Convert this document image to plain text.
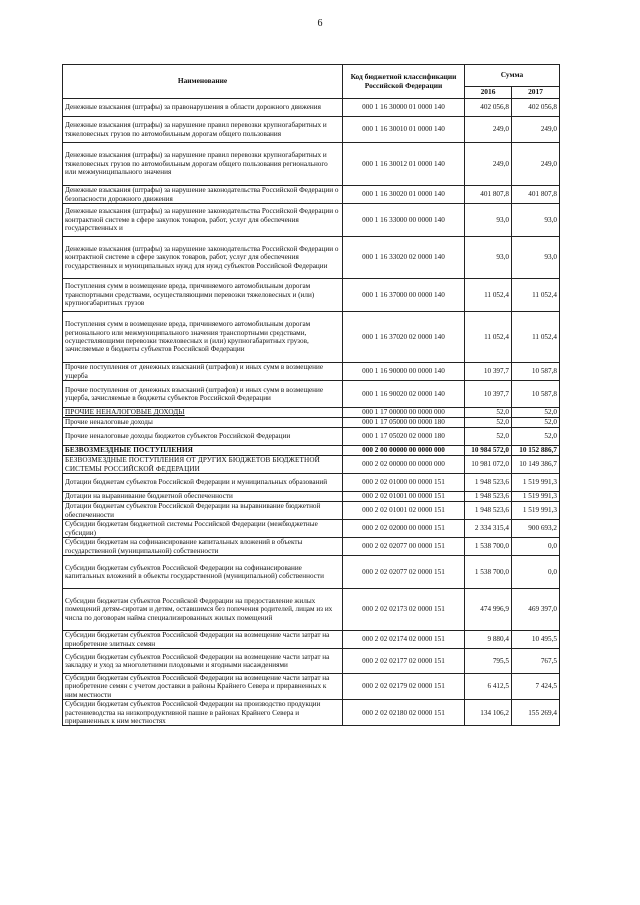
6
Наименование	Код бюджетной классификации Российской Федерации	Сумма	
		2016	2017
Денежные взыскания (штрафы) за правонарушения в области дорожного движения	000 1 16 30000 01 0000 140	402 056,8	402 056,8
Денежные взыскания (штрафы) за нарушение правил перевозки крупногабаритных и тяжеловесных грузов по автомобильным дорогам общего пользования	000 1 16 30010 01 0000 140	249,0	249,0
Денежные взыскания (штрафы) за нарушение правил перевозки крупногабаритных и тяжеловесных грузов по автомобильным дорогам общего пользования регионального или межмуниципального значения	000 1 16 30012 01 0000 140	249,0	249,0
Денежные взыскания (штрафы) за нарушение законодательства Российской Федерации о безопасности дорожного движения	000 1 16 30020 01 0000 140	401 807,8	401 807,8
Денежные взыскания (штрафы) за нарушение законодательства Российской Федерации о контрактной системе в сфере закупок товаров, работ, услуг для обеспечения государственных и	000 1 16 33000 00 0000 140	93,0	93,0
Денежные взыскания (штрафы) за нарушение законодательства Российской Федерации о контрактной системе в сфере закупок товаров, работ, услуг для обеспечения государственных и муниципальных нужд для нужд субъектов Российской Федерации	000 1 16 33020 02 0000 140	93,0	93,0
Поступления сумм в возмещение вреда, причиняемого автомобильным дорогам транспортными средствами, осуществляющими перевозки тяжеловесных и (или) крупногабаритных грузов	000 1 16 37000 00 0000 140	11 052,4	11 052,4
Поступления сумм в возмещение вреда, причиняемого автомобильным дорогам регионального или межмуниципального значения транспортными средствами, осуществляющими перевозки тяжеловесных и (или) крупногабаритных грузов, зачисляемые в бюджеты субъектов Российской Федерации	000 1 16 37020 02 0000 140	11 052,4	11 052,4
Прочие поступления от денежных взысканий (штрафов) и иных сумм в возмещение ущерба	000 1 16 90000 00 0000 140	10 397,7	10 587,8
Прочие поступления от денежных взысканий (штрафов) и иных сумм в возмещение ущерба, зачисляемые в бюджеты субъектов Российской Федерации	000 1 16 90020 02 0000 140	10 397,7	10 587,8
ПРОЧИЕ НЕНАЛОГОВЫЕ ДОХОДЫ	000 1 17 00000 00 0000 000	52,0	52,0
Прочие неналоговые доходы	000 1 17 05000 00 0000 180	52,0	52,0
Прочие неналоговые доходы бюджетов субъектов Российской Федерации	000 1 17 05020 02 0000 180	52,0	52,0
БЕЗВОЗМЕЗДНЫЕ ПОСТУПЛЕНИЯ	000 2 00 00000 00 0000 000	10 984 572,0	10 152 886,7
БЕЗВОЗМЕЗДНЫЕ ПОСТУПЛЕНИЯ ОТ ДРУГИХ БЮДЖЕТОВ БЮДЖЕТНОЙ СИСТЕМЫ РОССИЙСКОЙ ФЕДЕРАЦИИ	000 2 02 00000 00 0000 000	10 981 072,0	10 149 386,7
Дотации бюджетам субъектов Российской Федерации и муниципальных образований	000 2 02 01000 00 0000 151	1 948 523,6	1 519 991,3
Дотации на выравнивание бюджетной обеспеченности	000 2 02 01001 00 0000 151	1 948 523,6	1 519 991,3
Дотации бюджетам субъектов Российской Федерации на выравнивание бюджетной обеспеченности	000 2 02 01001 02 0000 151	1 948 523,6	1 519 991,3
Субсидии бюджетам бюджетной системы Российской Федерации (межбюджетные субсидии)	000 2 02 02000 00 0000 151	2 334 315,4	900 693,2
Субсидии бюджетам на софинансирование капитальных вложений в объекты государственной (муниципальной) собственности	000 2 02 02077 00 0000 151	1 538 700,0	0,0
Субсидии бюджетам субъектов Российской Федерации на софинансирование капитальных вложений в объекты государственной (муниципальной) собственности	000 2 02 02077 02 0000 151	1 538 700,0	0,0
Субсидии бюджетам субъектов Российской Федерации на предоставление жилых помещений детям-сиротам и детям, оставшимся без попечения родителей, лицам из их числа по договорам найма специализированных жилых помещений	000 2 02 02173 02 0000 151	474 996,9	469 397,0
Субсидии бюджетам субъектов Российской Федерации на возмещение части затрат на приобретение элитных семян	000 2 02 02174 02 0000 151	9 880,4	10 495,5
Субсидии бюджетам субъектов Российской Федерации на возмещение части затрат на закладку и уход за многолетними плодовыми и ягодными насаждениями	000 2 02 02177 02 0000 151	795,5	767,5
Субсидии бюджетам субъектов Российской Федерации на возмещение части затрат на приобретение семян с учетом доставки в районы Крайнего Севера и приравненных к ним местности	000 2 02 02179 02 0000 151	6 412,5	7 424,5
Субсидии бюджетам субъектов Российской Федерации на производство продукции растениеводства на низкопродуктивной пашне в районах Крайнего Севера и приравненных к ним местностях	000 2 02 02180 02 0000 151	134 106,2	155 269,4
